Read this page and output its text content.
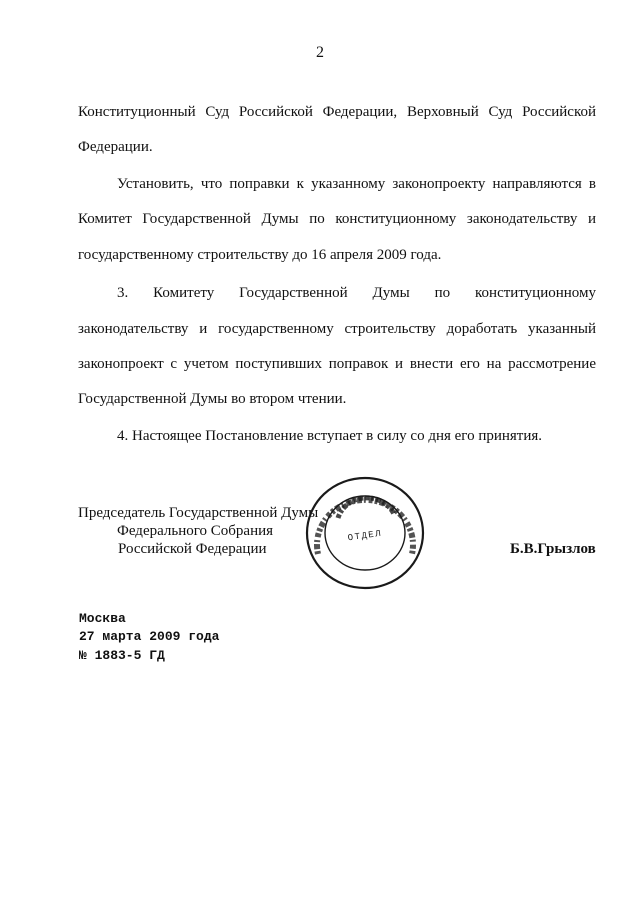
2
Конституционный Суд Российской Федерации, Верховный Суд Российской
Федерации.
Установить, что поправки к указанному законопроекту направляются в
Комитет Государственной Думы по конституционному законодательству и
государственному строительству до 16 апреля 2009 года.
3. Комитету Государственной Думы по конституционному
законодательству и государственному строительству доработать указанный
законопроект с учетом поступивших поправок и внести его на рассмотрение
Государственной Думы во втором чтении.
4. Настоящее Постановление вступает в силу со дня его принятия.
Председатель Государственной Думы
Федерального Собрания
Российской Федерации	Б.В.Грызлов
ОТДЕЛ
Москва
27 марта 2009 года
№ 1883-5 ГД
